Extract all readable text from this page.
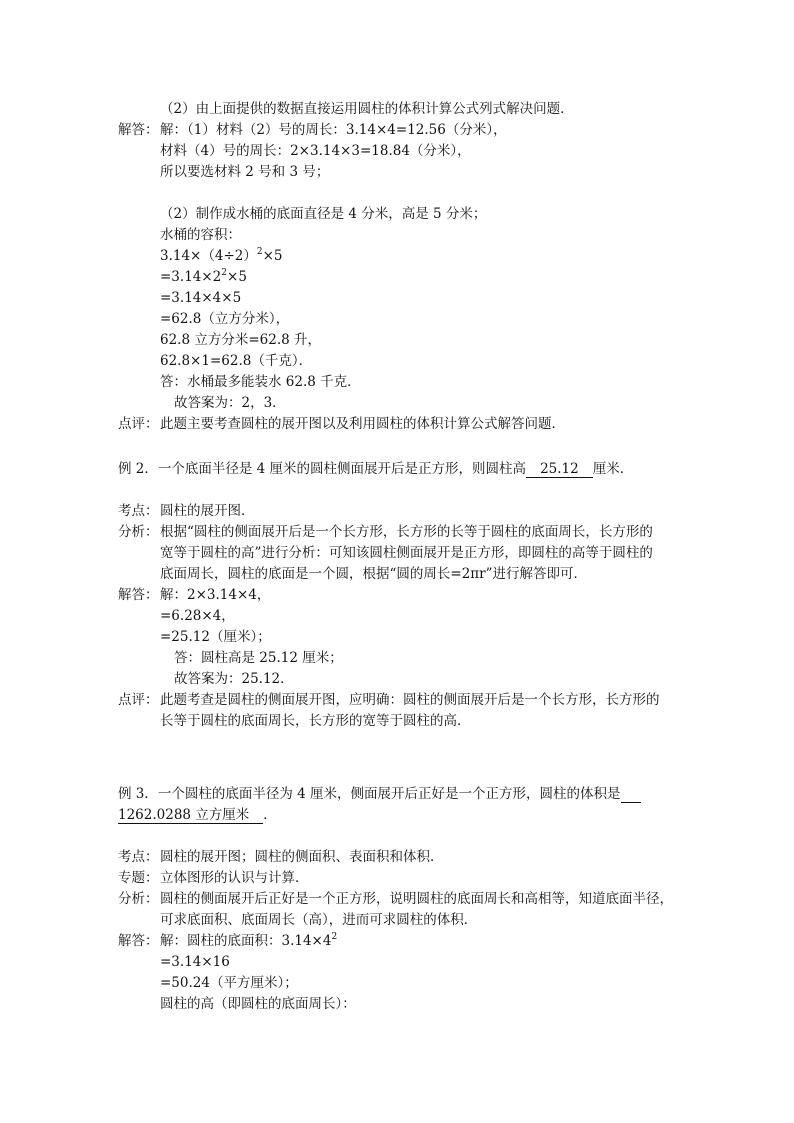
（2）由上面提供的数据直接运用圆柱的体积计算公式列式解决问题．
解答： 解：（1）材料（2）号的周长：3.14×4=12.56（分米），
材料（4）号的周长：2×3.14×3=18.84（分米），
所以要选材料 2 号和 3 号；
（2）制作成水桶的底面直径是 4 分米，高是 5 分米；
水桶的容积：
$3.14\times(4\div 2)^2\times 5$
$=3.14\times 2^2\times 5$
=3.14×4×5
=62.8（立方分米），
62.8 立方分米=62.8 升，
62.8×1=62.8（千克）．
答：水桶最多能装水 62.8 千克．
故答案为：2，3．
点评： 此题主要考查圆柱的展开图以及利用圆柱的体积计算公式解答问题．
例 2．一个底面半径是 4 厘米的圆柱侧面展开后是正方形，则圆柱高 25.12 厘米．
考点： 圆柱的展开图．
分析： 根据“圆柱的侧面展开后是一个长方形，长方形的长等于圆柱的底面周长，长方形的
宽等于圆柱的高”进行分析：可知该圆柱侧面展开是正方形，即圆柱的高等于圆柱的
底面周长，圆柱的底面是一个圆，根据“圆的周长=2πr”进行解答即可．
解答： 解：2×3.14×4，
=6.28×4，
=25.12（厘米）；
答：圆柱高是 25.12 厘米；
故答案为：25.12．
点评： 此题考查是圆柱的侧面展开图，应明确：圆柱的侧面展开后是一个长方形，长方形的
长等于圆柱的底面周长，长方形的宽等于圆柱的高．
例 3．一个圆柱的底面半径为 4 厘米，侧面展开后正好是一个正方形，圆柱的体积是
1262.0288 立方厘米 ．
考点： 圆柱的展开图；圆柱的侧面积、表面积和体积．
专题： 立体图形的认识与计算．
分析： 圆柱的侧面展开后正好是一个正方形，说明圆柱的底面周长和高相等，知道底面半径，
可求底面积、底面周长（高），进而可求圆柱的体积．
解答： 解：圆柱的底面积：$3.14\times 4^2$
=3.14×16
=50.24（平方厘米）；
圆柱的高（即圆柱的底面周长）：
